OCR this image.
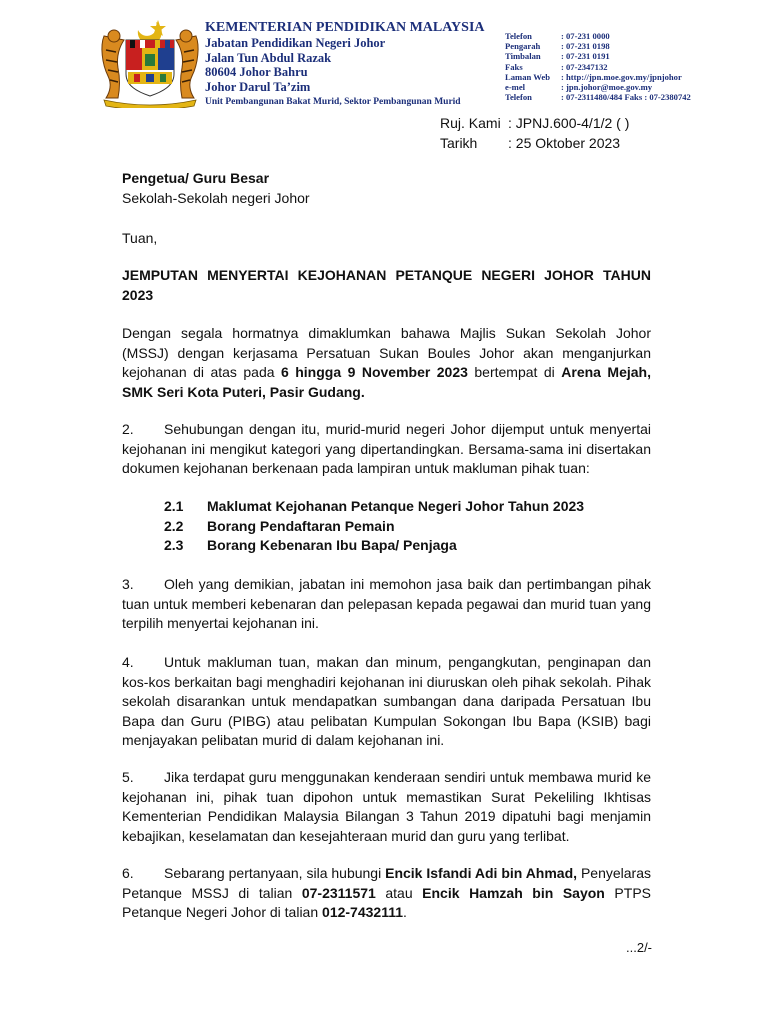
KEMENTERIAN PENDIDIKAN MALAYSIA
Jabatan Pendidikan Negeri Johor
Jalan Tun Abdul Razak
80604 Johor Bahru
Johor Darul Ta’zim
Unit Pembangunan Bakat Murid, Sektor Pembangunan Murid
Telefon	: 07-231 0000
Pengarah	: 07-231 0198
Timbalan	: 07-231 0191
Faks	: 07-2347132
Laman Web	: http://jpn.moe.gov.my/jpnjohor
e-mel	: jpn.johor@moe.gov.my
Telefon	: 07-2311480/484 Faks : 07-2380742
Ruj. Kami : JPNJ.600-4/1/2 ( )
Tarikh	: 25 Oktober 2023

Pengetua/ Guru Besar

Sekolah-Sekolah negeri Johor

Tuan,

JEMPUTAN MENYERTAI KEJOHANAN PETANQUE NEGERI JOHOR TAHUN 2023

Dengan segala hormatnya dimaklumkan bahawa Majlis Sukan Sekolah Johor (MSSJ) dengan kerjasama Persatuan Sukan Boules Johor akan menganjurkan kejohanan di atas pada 6 hingga 9 November 2023 bertempat di Arena Mejah, SMK Seri Kota Puteri, Pasir Gudang.

2. Sehubungan dengan itu, murid-murid negeri Johor dijemput untuk menyertai kejohanan ini mengikut kategori yang dipertandingkan. Bersama-sama ini disertakan dokumen kejohanan berkenaan pada lampiran untuk makluman pihak tuan:

2.1	Maklumat Kejohanan Petanque Negeri Johor Tahun 2023
2.2	Borang Pendaftaran Pemain
2.3	Borang Kebenaran Ibu Bapa/ Penjaga

3. Oleh yang demikian, jabatan ini memohon jasa baik dan pertimbangan pihak tuan untuk memberi kebenaran dan pelepasan kepada pegawai dan murid tuan yang terpilih menyertai kejohanan ini.

4. Untuk makluman tuan, makan dan minum, pengangkutan, penginapan dan kos-kos berkaitan bagi menghadiri kejohanan ini diuruskan oleh pihak sekolah. Pihak sekolah disarankan untuk mendapatkan sumbangan dana daripada Persatuan Ibu Bapa dan Guru (PIBG) atau pelibatan Kumpulan Sokongan Ibu Bapa (KSIB) bagi menjayakan pelibatan murid di dalam kejohanan ini.

5. Jika terdapat guru menggunakan kenderaan sendiri untuk membawa murid ke kejohanan ini, pihak tuan dipohon untuk memastikan Surat Pekeliling Ikhtisas Kementerian Pendidikan Malaysia Bilangan 3 Tahun 2019 dipatuhi bagi menjamin kebajikan, keselamatan dan kesejahteraan murid dan guru yang terlibat.

6. Sebarang pertanyaan, sila hubungi Encik Isfandi Adi bin Ahmad, Penyelaras Petanque MSSJ di talian 07-2311571 atau Encik Hamzah bin Sayon PTPS Petanque Negeri Johor di talian 012-7432111.

...2/-
